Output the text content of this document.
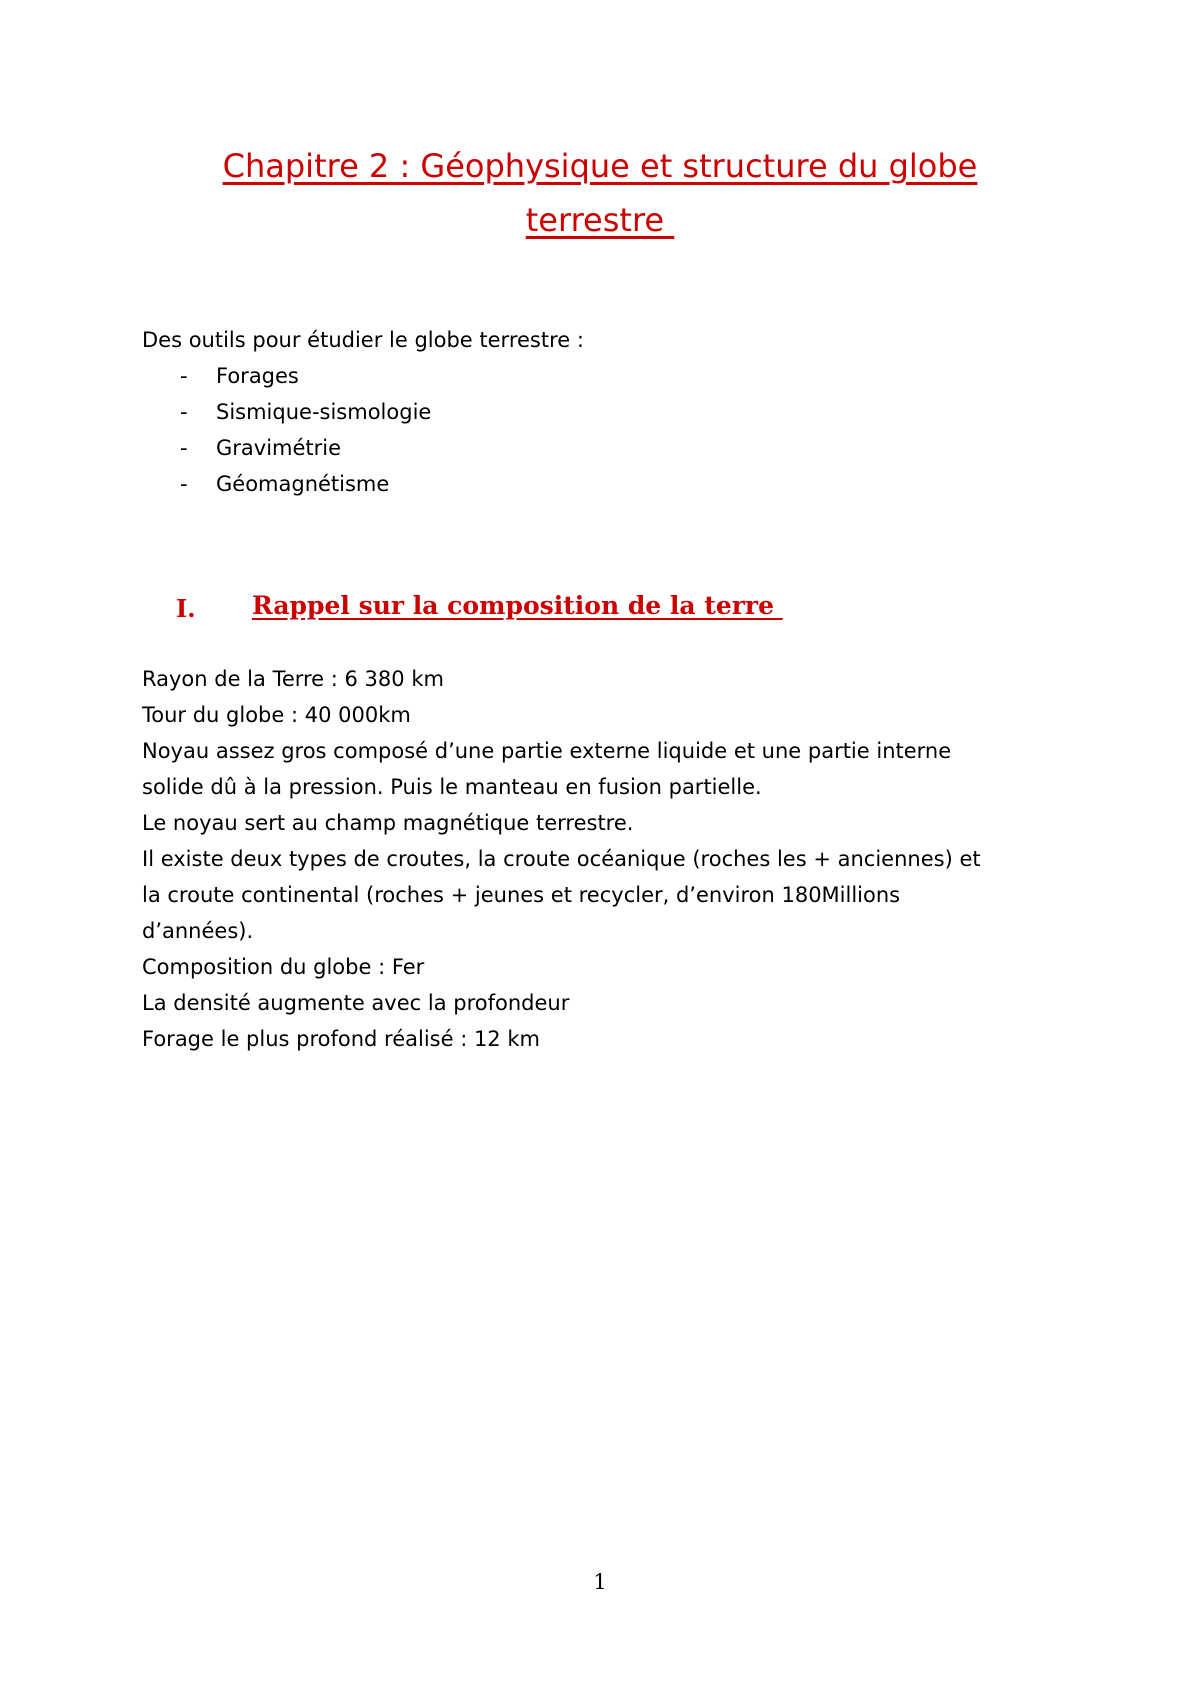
Chapitre 2 : Géophysique et structure du globe
terrestre

Des outils pour étudier le globe terrestre :

- Forages
- Sismique-sismologie
- Gravimétrie
- Géomagnétisme
I. Rappel sur la composition de la terre

Rayon de la Terre : 6 380 km

Tour du globe : 40 000km

Noyau assez gros composé d’une partie externe liquide et une partie interne

solide dû à la pression. Puis le manteau en fusion partielle.

Le noyau sert au champ magnétique terrestre.

Il existe deux types de croutes, la croute océanique (roches les + anciennes) et

la croute continental (roches + jeunes et recycler, d’environ 180Millions

d’années).

Composition du globe : Fer

La densité augmente avec la profondeur

Forage le plus profond réalisé : 12 km

1
